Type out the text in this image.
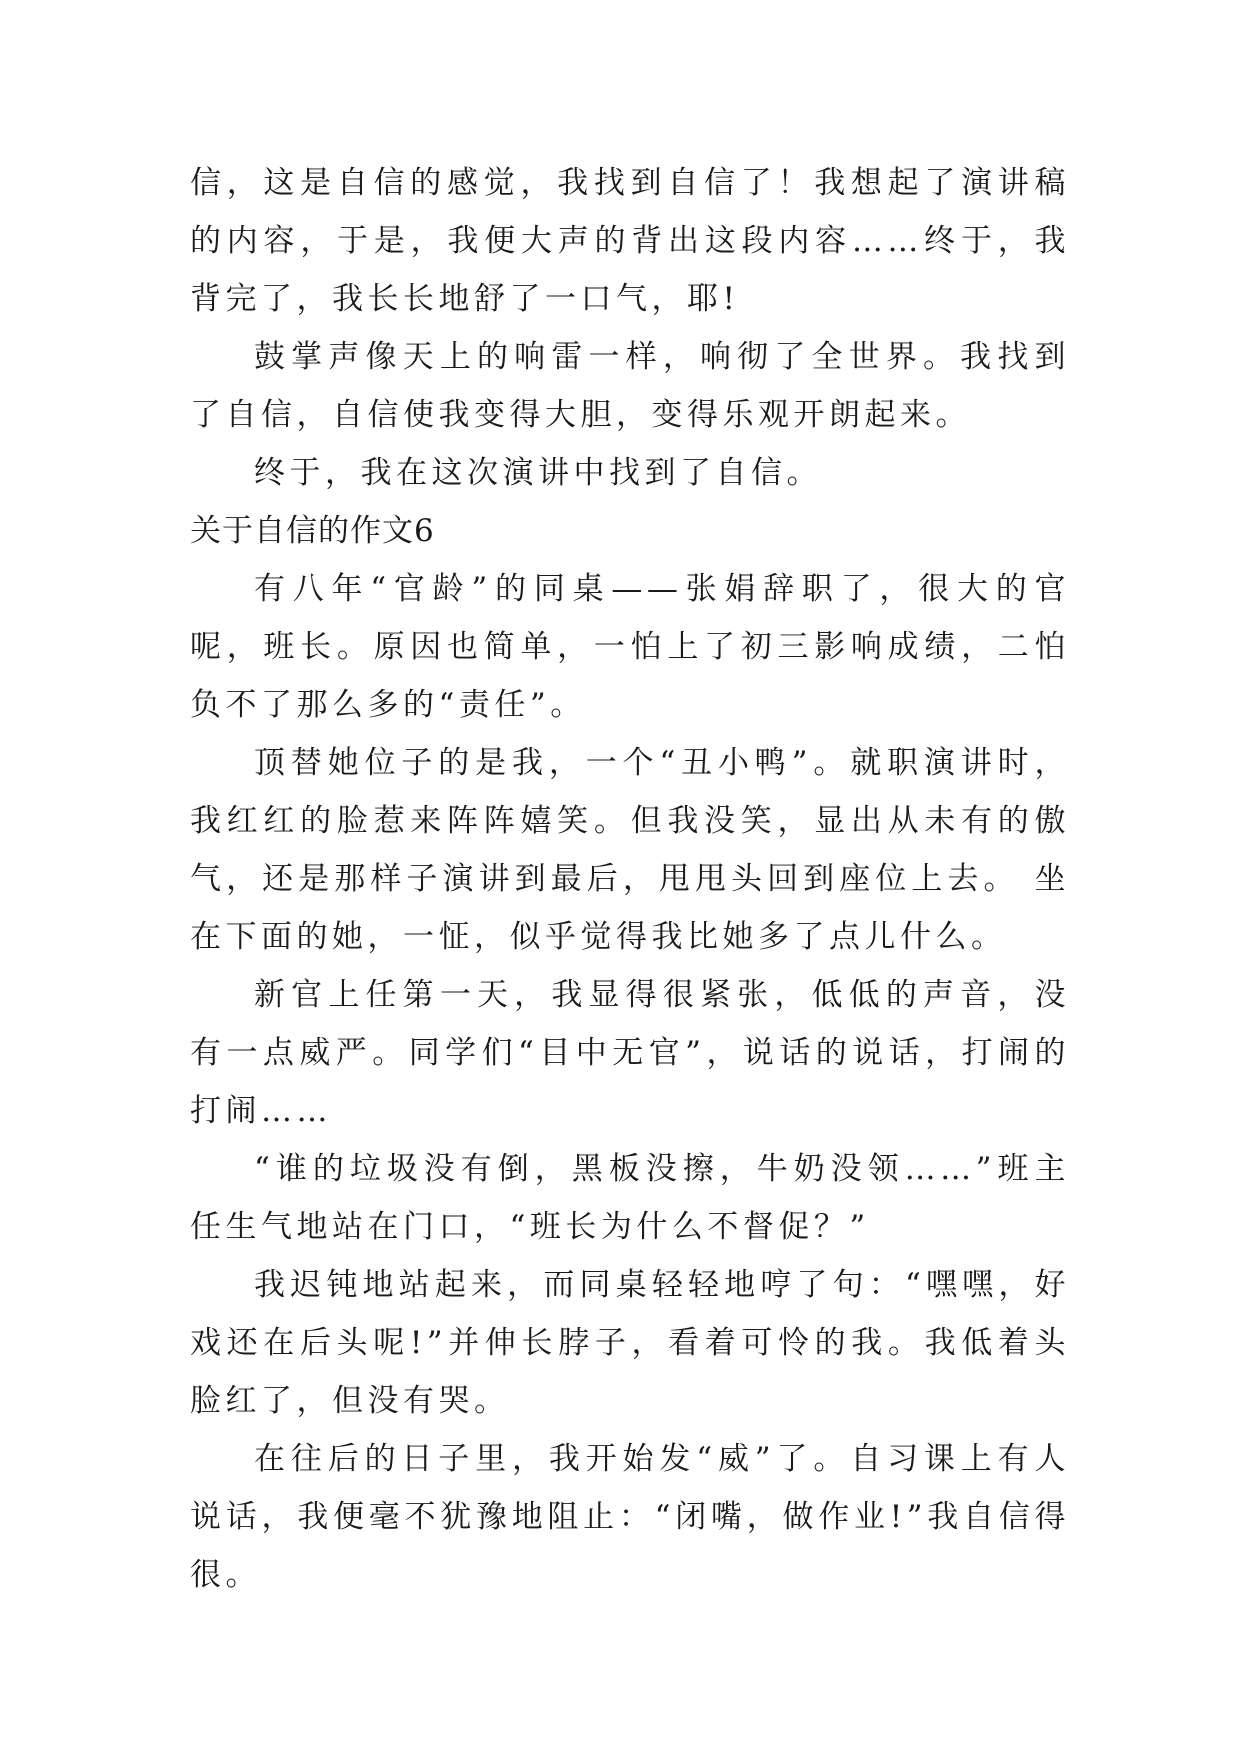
信，这是自信的感觉，我找到自信了！我想起了演讲稿的内容，于是，我便大声的背出这段内容……终于，我背完了，我长长地舒了一口气，耶!

鼓掌声像天上的响雷一样，响彻了全世界。我找到了自信，自信使我变得大胆，变得乐观开朗起来。

终于，我在这次演讲中找到了自信。

关于自信的作文6

有八年“官龄”的同桌——张娟辞职了，很大的官呢，班长。原因也简单，一怕上了初三影响成绩，二怕负不了那么多的“责任”。

顶替她位子的是我，一个“丑小鸭”。就职演讲时，我红红的脸惹来阵阵嬉笑。但我没笑，显出从未有的傲气，还是那样子演讲到最后，甩甩头回到座位上去。 坐在下面的她，一怔，似乎觉得我比她多了点儿什么。

新官上任第一天，我显得很紧张，低低的声音，没有一点威严。同学们“目中无官”，说话的说话，打闹的打闹……

“谁的垃圾没有倒，黑板没擦，牛奶没领……”班主任生气地站在门口，“班长为什么不督促？”

我迟钝地站起来，而同桌轻轻地哼了句：“嘿嘿，好戏还在后头呢!”并伸长脖子，看着可怜的我。我低着头脸红了，但没有哭。

在往后的日子里，我开始发“威”了。自习课上有人说话，我便毫不犹豫地阻止：“闭嘴，做作业!”我自信得很。
